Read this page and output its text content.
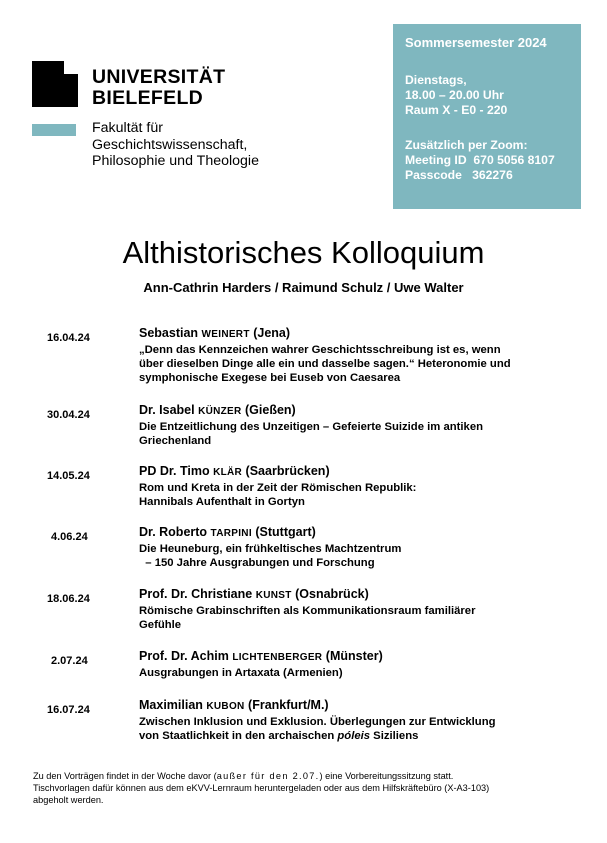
UNIVERSITÄT
BIELEFELD
Fakultät für
Geschichtswissenschaft,
Philosophie und Theologie
Sommersemester 2024
Dienstags,
18.00 – 20.00 Uhr
Raum X - E0 - 220
Zusätzlich per Zoom:
Meeting ID  670 5056 8107
Passcode   362276
Althistorisches Kolloquium
Ann-Cathrin Harders / Raimund Schulz / Uwe Walter
16.04.24	Sebastian WEINERT (Jena)
„Denn das Kennzeichen wahrer Geschichtsschreibung ist es, wenn
über dieselben Dinge alle ein und dasselbe sagen.“ Heteronomie und
symphonische Exegese bei Euseb von Caesarea
30.04.24	Dr. Isabel KÜNZER (Gießen)
Die Entzeitlichung des Unzeitigen – Gefeierte Suizide im antiken
Griechenland
14.05.24	PD Dr. Timo KLÄR (Saarbrücken)
Rom und Kreta in der Zeit der Römischen Republik:
Hannibals Aufenthalt in Gortyn
4.06.24	Dr. Roberto TARPINI (Stuttgart)
Die Heuneburg, ein frühkeltisches Machtzentrum
– 150 Jahre Ausgrabungen und Forschung
18.06.24	Prof. Dr. Christiane KUNST (Osnabrück)
Römische Grabinschriften als Kommunikationsraum familiärer
Gefühle
2.07.24	Prof. Dr. Achim LICHTENBERGER (Münster)
Ausgrabungen in Artaxata (Armenien)
16.07.24	Maximilian KUBON (Frankfurt/M.)
Zwischen Inklusion und Exklusion. Überlegungen zur Entwicklung
von Staatlichkeit in den archaischen póleis Siziliens
Zu den Vorträgen findet in der Woche davor (außer für den 2.07.) eine Vorbereitungssitzung statt.
Tischvorlagen dafür können aus dem eKVV-Lernraum heruntergeladen oder aus dem Hilfskräftebüro (X-A3-103)
abgeholt werden.
